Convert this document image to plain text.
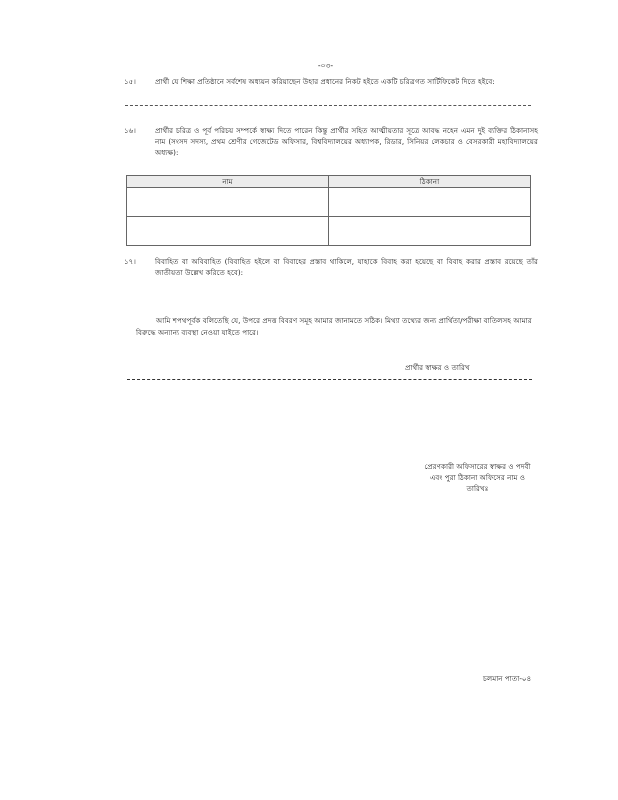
-০৩-
১৫।	প্রার্থী যে শিক্ষা প্রতিষ্ঠানে সর্বশেষ অধ্যয়ন করিয়াছেন উহার প্রধানের নিকট হইতে একটি চরিত্রগত সার্টিফিকেট দিতে হইবে:
১৬।	প্রার্থীর চরিত্র ও পূর্ব পরিচয় সম্পর্কে স্বাক্ষ্য দিতে পারেন কিন্তু প্রার্থীর সহিত আত্মীয়তার সূত্রে আবদ্ধ নহেন এমন দুই ব্যক্তির ঠিকানাসহ নাম (সংসদ সদস্য, প্রথম শ্রেণীর গেজেটেড অফিসার, বিশ্ববিদ্যালয়ের অধ্যাপক, রিডার, সিনিয়র লেকচার ও বেসরকারী মহাবিদ্যালয়ের অধ্যক্ষ):
নাম	ঠিকানা

১৭।	বিবাহিত বা অবিবাহিত (বিবাহিত হইলে বা বিবাহের প্রস্তাব থাকিলে, যাহাকে বিবাহ করা হয়েছে বা বিবাহ করার প্রস্তাব রয়েছে তাঁর জাতীয়তা উল্লেখ করিতে হবে):
আমি শপথপূর্বক বলিতেছি যে, উপরে প্রদত্ত বিবরণ সমূহ আমার জানামতে সঠিক। মিথ্যা তথ্যের জন্য প্রার্থিতা/পরীক্ষা বাতিলসহ আমার বিরুদ্ধে অন্যান্য ব্যবস্থা নেওয়া যাইতে পারে।
প্রার্থীর স্বাক্ষর ও তারিখ
প্রেরণকারী অফিসারের স্বাক্ষর ও পদবী
এবং পুরা ঠিকানা অফিসের নাম ও
তারিখঃ
চলমান পাতা-০৪
